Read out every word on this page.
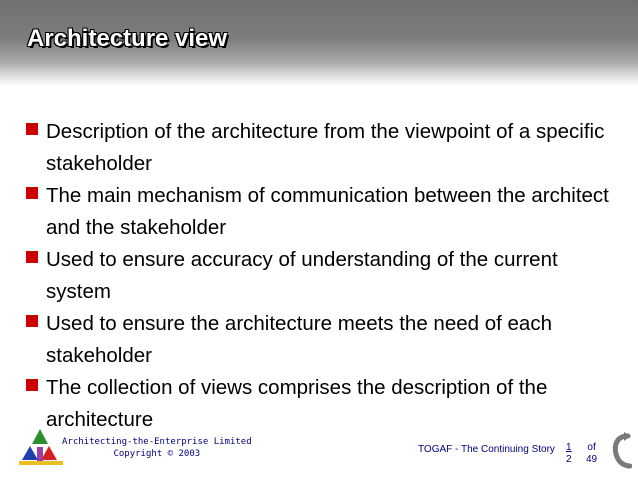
Architecture view
Description of the architecture from the viewpoint of a specific stakeholder
The main mechanism of communication between the architect and the stakeholder
Used to ensure accuracy of understanding of the current system
Used to ensure the architecture meets the need of each stakeholder
The collection of views comprises the description of the architecture
Architecting-the-Enterprise Limited
Copyright © 2003	TOGAF - The Continuing Story 1
2
of
49
